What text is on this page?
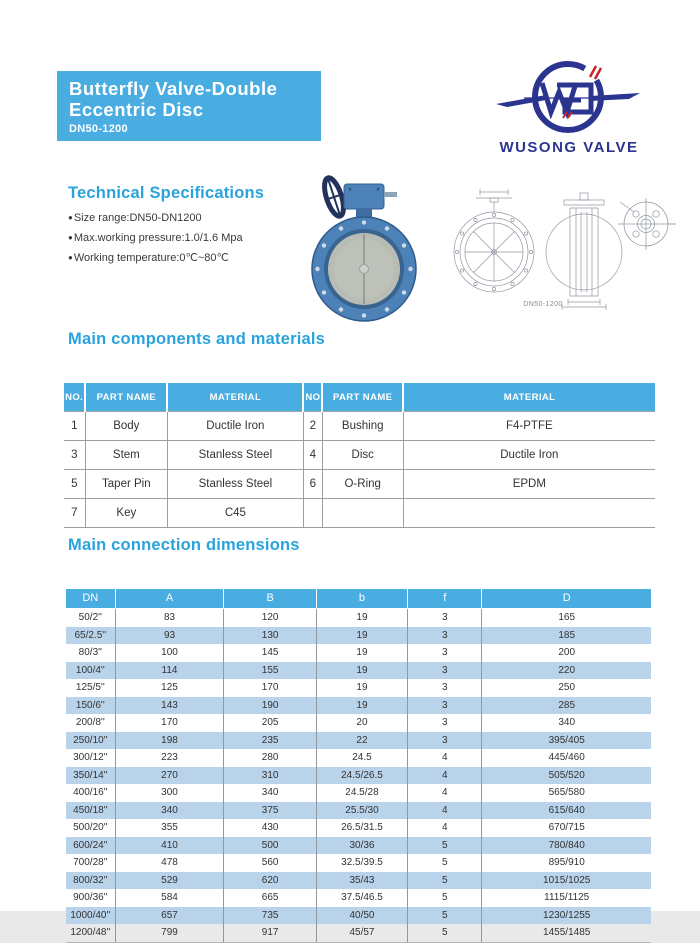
Butterfly Valve-Double
Eccentric Disc
DN50-1200
WUSONG VALVE
Technical Specifications
●Size range:DN50-DN1200
●Max.working pressure:1.0/1.6 Mpa
●Working temperature:0℃~80℃
DN50-1200
Main components and materials
NO.	PART NAME	MATERIAL	NO.	PART NAME	MATERIAL
1	Body	Ductile Iron	2	Bushing	F4-PTFE
3	Stem	Stanless Steel	4	Disc	Ductile Iron
5	Taper Pin	Stanless Steel	6	O-Ring	EPDM
7	Key	C45			
Main connection dimensions
DN	A	B	b	f	D
50/2''	83	120	19	3	165
65/2.5''	93	130	19	3	185
80/3''	100	145	19	3	200
100/4''	114	155	19	3	220
125/5''	125	170	19	3	250
150/6''	143	190	19	3	285
200/8''	170	205	20	3	340
250/10''	198	235	22	3	395/405
300/12''	223	280	24.5	4	445/460
350/14''	270	310	24.5/26.5	4	505/520
400/16''	300	340	24.5/28	4	565/580
450/18''	340	375	25.5/30	4	615/640
500/20''	355	430	26.5/31.5	4	670/715
600/24''	410	500	30/36	5	780/840
700/28''	478	560	32.5/39.5	5	895/910
800/32''	529	620	35/43	5	1015/1025
900/36''	584	665	37.5/46.5	5	1115/1125
1000/40''	657	735	40/50	5	1230/1255
1200/48''	799	917	45/57	5	1455/1485
